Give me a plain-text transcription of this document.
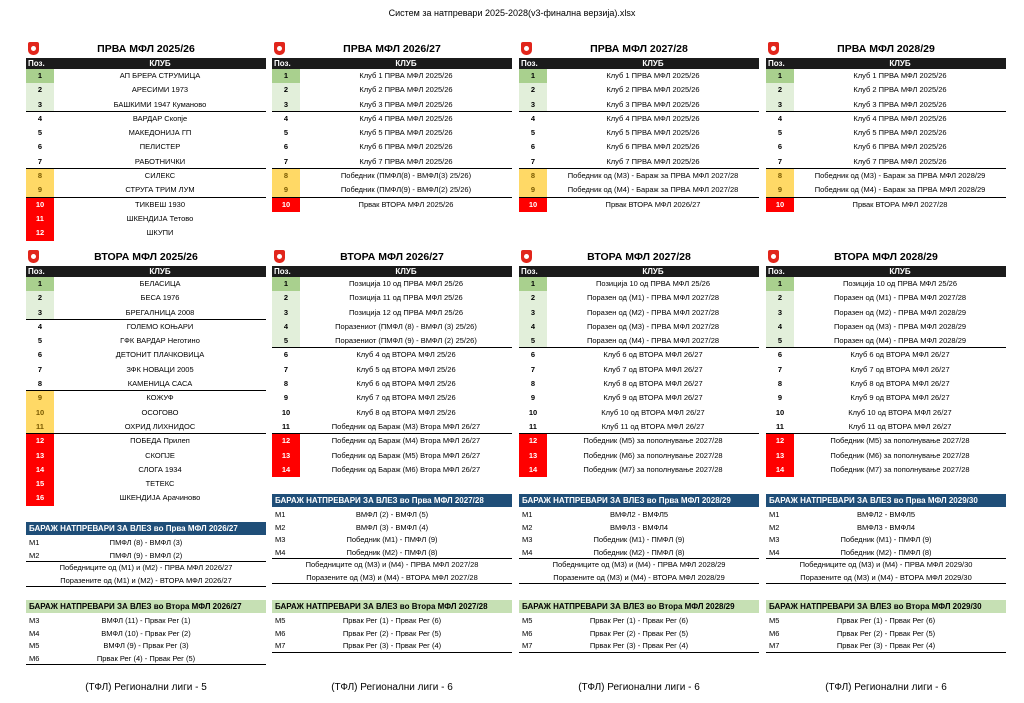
Систем за натпревари 2025-2028(v3-финална верзија).xlsx
ПРВА МФЛ 2025/26
Поз.	КЛУБ
1	АП БРЕРА СТРУМИЦА
2	АРЕСИМИ 1973
3	БАШКИМИ 1947 Куманово
4	ВАРДАР Скопје
5	МАКЕДОНИЈА ГП
6	ПЕЛИСТЕР
7	РАБОТНИЧКИ
8	СИЛЕКС
9	СТРУГА ТРИМ ЛУМ
10	ТИКВЕШ 1930
11	ШКЕНДИЈА Тетово
12	ШКУПИ
ВТОРА МФЛ 2025/26
Поз.	КЛУБ
1	БЕЛАСИЦА
2	БЕСА 1976
3	БРЕГАЛНИЦА 2008
4	ГОЛЕМО КОЊАРИ
5	ГФК ВАРДАР Неготино
6	ДЕТОНИТ ПЛАЧКОВИЦА
7	ЗФК НОВАЦИ 2005
8	КАМЕНИЦА САСА
9	КОЖУФ
10	ОСОГОВО
11	ОХРИД ЛИХНИДОС
12	ПОБЕДА Прилеп
13	СКОПЈЕ
14	СЛОГА 1934
15	ТЕТЕКС
16	ШКЕНДИЈА Арачиново
БАРАЖ НАТПРЕВАРИ ЗА ВЛЕЗ во Прва МФЛ 2026/27
M1	ПМФЛ (8) - ВМФЛ (3)
M2	ПМФЛ (9) - ВМФЛ (2)
Победниците од (М1) и (М2) - ПРВА МФЛ 2026/27
Поразените од (М1) и (М2) - ВТОРА МФЛ 2026/27
БАРАЖ НАТПРЕВАРИ ЗА ВЛЕЗ во Втора МФЛ 2026/27
M3	ВМФЛ (11) - Првак Рег (1)
M4	ВМФЛ (10) - Првак Рег (2)
M5	ВМФЛ (9) - Првак Рег (3)
M6	Првак Рег (4) - Првак Рег (5)
(ТФЛ) Регионални лиги - 5
ПРВА МФЛ 2026/27
Поз.	КЛУБ
1	Клуб 1 ПРВА МФЛ 2025/26
2	Клуб 2 ПРВА МФЛ 2025/26
3	Клуб 3 ПРВА МФЛ 2025/26
4	Клуб 4 ПРВА МФЛ 2025/26
5	Клуб 5 ПРВА МФЛ 2025/26
6	Клуб 6 ПРВА МФЛ 2025/26
7	Клуб 7 ПРВА МФЛ 2025/26
8	Победник (ПМФЛ(8) - ВМФЛ(3) 25/26)
9	Победник (ПМФЛ(9) - ВМФЛ(2) 25/26)
10	Првак ВТОРА МФЛ 2025/26
ВТОРА МФЛ 2026/27
Поз.	КЛУБ
1	Позиција 10 од ПРВА МФЛ 25/26
2	Позиција 11 од ПРВА МФЛ 25/26
3	Позиција 12 од ПРВА МФЛ 25/26
4	Поразениот (ПМФЛ (8) - ВМФЛ (3) 25/26)
5	Поразениот (ПМФЛ (9) - ВМФЛ (2) 25/26)
6	Клуб 4 од ВТОРА МФЛ 25/26
7	Клуб 5 од ВТОРА МФЛ 25/26
8	Клуб 6 од ВТОРА МФЛ 25/26
9	Клуб 7 од ВТОРА МФЛ 25/26
10	Клуб 8 од ВТОРА МФЛ 25/26
11	Победник од Бараж (М3) Втора МФЛ 26/27
12	Победник од Бараж (М4) Втора МФЛ 26/27
13	Победник од Бараж (М5) Втора МФЛ 26/27
14	Победник од Бараж (М6) Втора МФЛ 26/27
БАРАЖ НАТПРЕВАРИ ЗА ВЛЕЗ во Прва МФЛ 2027/28
M1	ВМФЛ (2) - ВМФЛ (5)
M2	ВМФЛ (3) - ВМФЛ (4)
M3	Победник (М1) - ПМФЛ (9)
M4	Победник (М2) - ПМФЛ (8)
Победниците од (М3) и (М4) - ПРВА МФЛ 2027/28
Поразените од (М3) и (М4) - ВТОРА МФЛ 2027/28
БАРАЖ НАТПРЕВАРИ ЗА ВЛЕЗ во Втора МФЛ 2027/28
M5	Првак Рег (1) - Првак Рег (6)
M6	Првак Рег (2) - Првак Рег (5)
M7	Првак Рег (3) - Првак Рег (4)
(ТФЛ) Регионални лиги - 6
ПРВА МФЛ 2027/28
Поз.	КЛУБ
1	Клуб 1 ПРВА МФЛ 2025/26
2	Клуб 2 ПРВА МФЛ 2025/26
3	Клуб 3 ПРВА МФЛ 2025/26
4	Клуб 4 ПРВА МФЛ 2025/26
5	Клуб 5 ПРВА МФЛ 2025/26
6	Клуб 6 ПРВА МФЛ 2025/26
7	Клуб 7 ПРВА МФЛ 2025/26
8	Победник од (М3) - Бараж за ПРВА МФЛ 2027/28
9	Победник од (М4) - Бараж за ПРВА МФЛ 2027/28
10	Првак ВТОРА МФЛ 2026/27
ВТОРА МФЛ 2027/28
Поз.	КЛУБ
1	Позиција 10 од ПРВА МФЛ 25/26
2	Поразен од (М1) - ПРВА МФЛ 2027/28
3	Поразен од (М2) - ПРВА МФЛ 2027/28
4	Поразен од (М3) - ПРВА МФЛ 2027/28
5	Поразен од (М4) - ПРВА МФЛ 2027/28
6	Клуб 6 од ВТОРА МФЛ 26/27
7	Клуб 7 од ВТОРА МФЛ 26/27
8	Клуб 8 од ВТОРА МФЛ 26/27
9	Клуб 9 од ВТОРА МФЛ 26/27
10	Клуб 10 од ВТОРА МФЛ 26/27
11	Клуб 11 од ВТОРА МФЛ 26/27
12	Победник (М5) за пополнување 2027/28
13	Победник (М6) за пополнување 2027/28
14	Победник (М7) за пополнување 2027/28
БАРАЖ НАТПРЕВАРИ ЗА ВЛЕЗ во Прва МФЛ 2028/29
M1	ВМФЛ2 - ВМФЛ5
M2	ВМФЛ3 - ВМФЛ4
M3	Победник (М1) - ПМФЛ (9)
M4	Победник (М2) - ПМФЛ (8)
Победниците од (М3) и (М4) - ПРВА МФЛ 2028/29
Поразените од (М3) и (М4) - ВТОРА МФЛ 2028/29
БАРАЖ НАТПРЕВАРИ ЗА ВЛЕЗ во Втора МФЛ 2028/29
M5	Првак Рег (1) - Првак Рег (6)
M6	Првак Рег (2) - Првак Рег (5)
M7	Првак Рег (3) - Првак Рег (4)
(ТФЛ) Регионални лиги - 6
ПРВА МФЛ 2028/29
Поз.	КЛУБ
1	Клуб 1 ПРВА МФЛ 2025/26
2	Клуб 2 ПРВА МФЛ 2025/26
3	Клуб 3 ПРВА МФЛ 2025/26
4	Клуб 4 ПРВА МФЛ 2025/26
5	Клуб 5 ПРВА МФЛ 2025/26
6	Клуб 6 ПРВА МФЛ 2025/26
7	Клуб 7 ПРВА МФЛ 2025/26
8	Победник од (М3) - Бараж за ПРВА МФЛ 2028/29
9	Победник од (М4) - Бараж за ПРВА МФЛ 2028/29
10	Првак ВТОРА МФЛ 2027/28
ВТОРА МФЛ 2028/29
Поз.	КЛУБ
1	Позиција 10 од ПРВА МФЛ 25/26
2	Поразен од (М1) - ПРВА МФЛ 2027/28
3	Поразен од (М2) - ПРВА МФЛ 2028/29
4	Поразен од (М3) - ПРВА МФЛ 2028/29
5	Поразен од (М4) - ПРВА МФЛ 2028/29
6	Клуб 6 од ВТОРА МФЛ 26/27
7	Клуб 7 од ВТОРА МФЛ 26/27
8	Клуб 8 од ВТОРА МФЛ 26/27
9	Клуб 9 од ВТОРА МФЛ 26/27
10	Клуб 10 од ВТОРА МФЛ 26/27
11	Клуб 11 од ВТОРА МФЛ 26/27
12	Победник (М5) за пополнување 2027/28
13	Победник (М6) за пополнување 2027/28
14	Победник (М7) за пополнување 2027/28
БАРАЖ НАТПРЕВАРИ ЗА ВЛЕЗ во Прва МФЛ 2029/30
M1	ВМФЛ2 - ВМФЛ5
M2	ВМФЛ3 - ВМФЛ4
M3	Победник (М1) - ПМФЛ (9)
M4	Победник (М2) - ПМФЛ (8)
Победниците од (М3) и (М4) - ПРВА МФЛ 2029/30
Поразените од (М3) и (М4) - ВТОРА МФЛ 2029/30
БАРАЖ НАТПРЕВАРИ ЗА ВЛЕЗ во Втора МФЛ 2029/30
M5	Првак Рег (1) - Првак Рег (6)
M6	Првак Рег (2) - Првак Рег (5)
M7	Првак Рег (3) - Првак Рег (4)
(ТФЛ) Регионални лиги - 6
